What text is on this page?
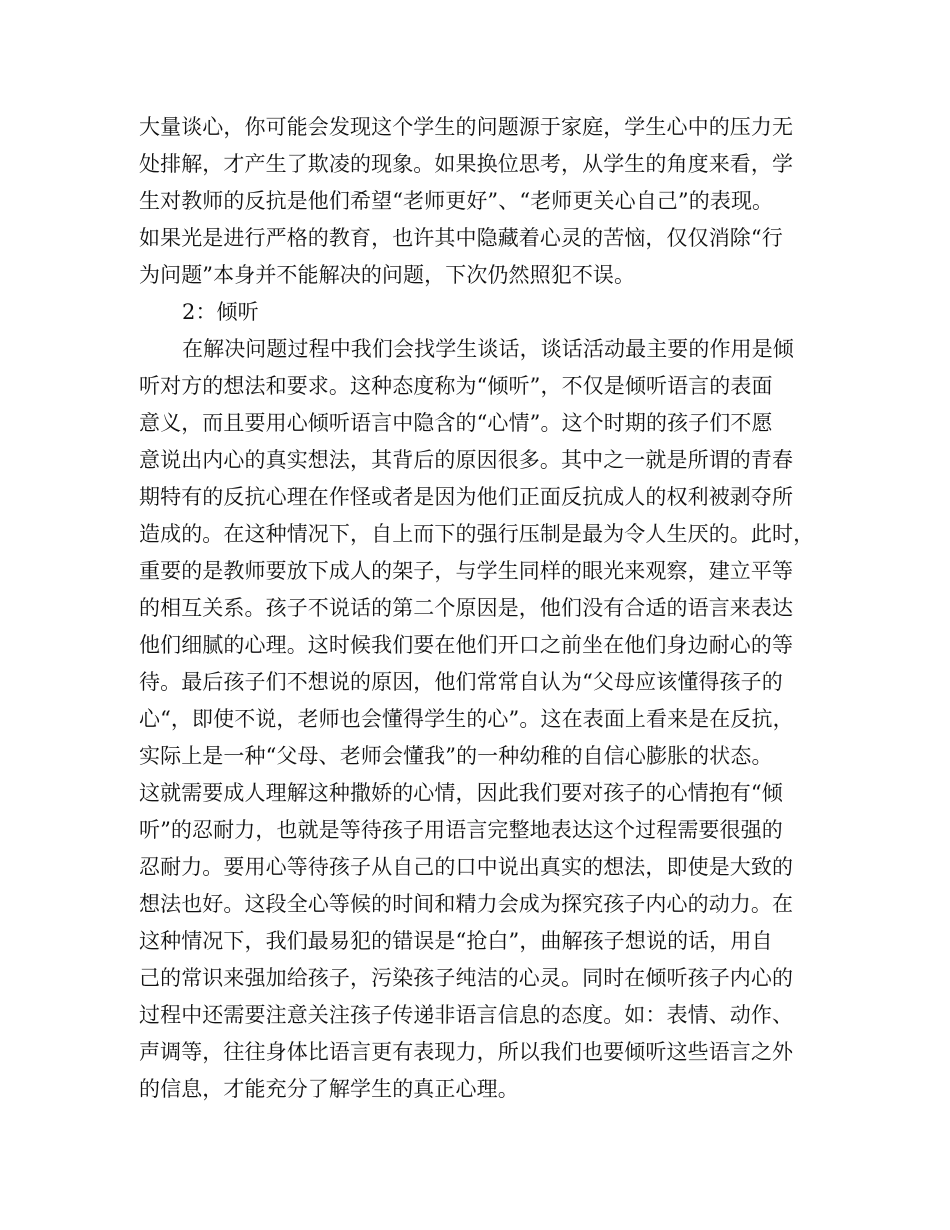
大量谈心，你可能会发现这个学生的问题源于家庭，学生心中的压力无
处排解，才产生了欺凌的现象。如果换位思考，从学生的角度来看，学
生对教师的反抗是他们希望“老师更好”、“老师更关心自己”的表现。
如果光是进行严格的教育，也许其中隐藏着心灵的苦恼，仅仅消除“行
为问题”本身并不能解决的问题，下次仍然照犯不误。
2：倾听
在解决问题过程中我们会找学生谈话，谈话活动最主要的作用是倾
听对方的想法和要求。这种态度称为“倾听”，不仅是倾听语言的表面
意义，而且要用心倾听语言中隐含的“心情”。这个时期的孩子们不愿
意说出内心的真实想法，其背后的原因很多。其中之一就是所谓的青春
期特有的反抗心理在作怪或者是因为他们正面反抗成人的权利被剥夺所
造成的。在这种情况下，自上而下的强行压制是最为令人生厌的。此时，
重要的是教师要放下成人的架子，与学生同样的眼光来观察，建立平等
的相互关系。孩子不说话的第二个原因是，他们没有合适的语言来表达
他们细腻的心理。这时候我们要在他们开口之前坐在他们身边耐心的等
待。最后孩子们不想说的原因，他们常常自认为“父母应该懂得孩子的
心“，即使不说，老师也会懂得学生的心”。这在表面上看来是在反抗，
实际上是一种“父母、老师会懂我”的一种幼稚的自信心膨胀的状态。
这就需要成人理解这种撒娇的心情，因此我们要对孩子的心情抱有“倾
听”的忍耐力，也就是等待孩子用语言完整地表达这个过程需要很强的
忍耐力。要用心等待孩子从自己的口中说出真实的想法，即使是大致的
想法也好。这段全心等候的时间和精力会成为探究孩子内心的动力。在
这种情况下，我们最易犯的错误是“抢白”，曲解孩子想说的话，用自
己的常识来强加给孩子，污染孩子纯洁的心灵。同时在倾听孩子内心的
过程中还需要注意关注孩子传递非语言信息的态度。如：表情、动作、
声调等，往往身体比语言更有表现力，所以我们也要倾听这些语言之外
的信息，才能充分了解学生的真正心理。
